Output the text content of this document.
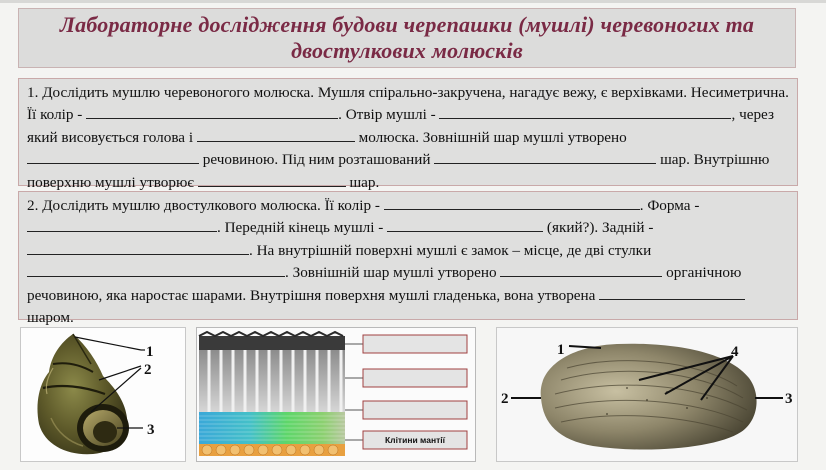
Лабораторне дослідження будови черепашки (мушлі) черевоногих та двостулкових молюсків

1. Дослідить мушлю черевоногого молюска. Мушля спірально-закручена, нагадує вежу, є верхівками. Несиметрична. Її колір -	. Отвір мушлі -	, через який висовується голова і	молюска. Зовнішній шар мушлі утворено  речовиною. Під ним розташований	шар. Внутрішню поверхню мушлі утворює	шар.

2. Дослідить мушлю двостулкового молюска. Її колір -	. Форма - . Передній кінець мушлі -	(який?). Задній - . На внутрішній поверхні мушлі є замок – місце, де дві стулки . Зовнішній шар мушлі утворено	органічною речовиною, яка наростає шарами. Внутрішня поверхня мушлі гладенька, вона утворена  шаром.

1
2
3
Клітини мантії
1
2	3
4
